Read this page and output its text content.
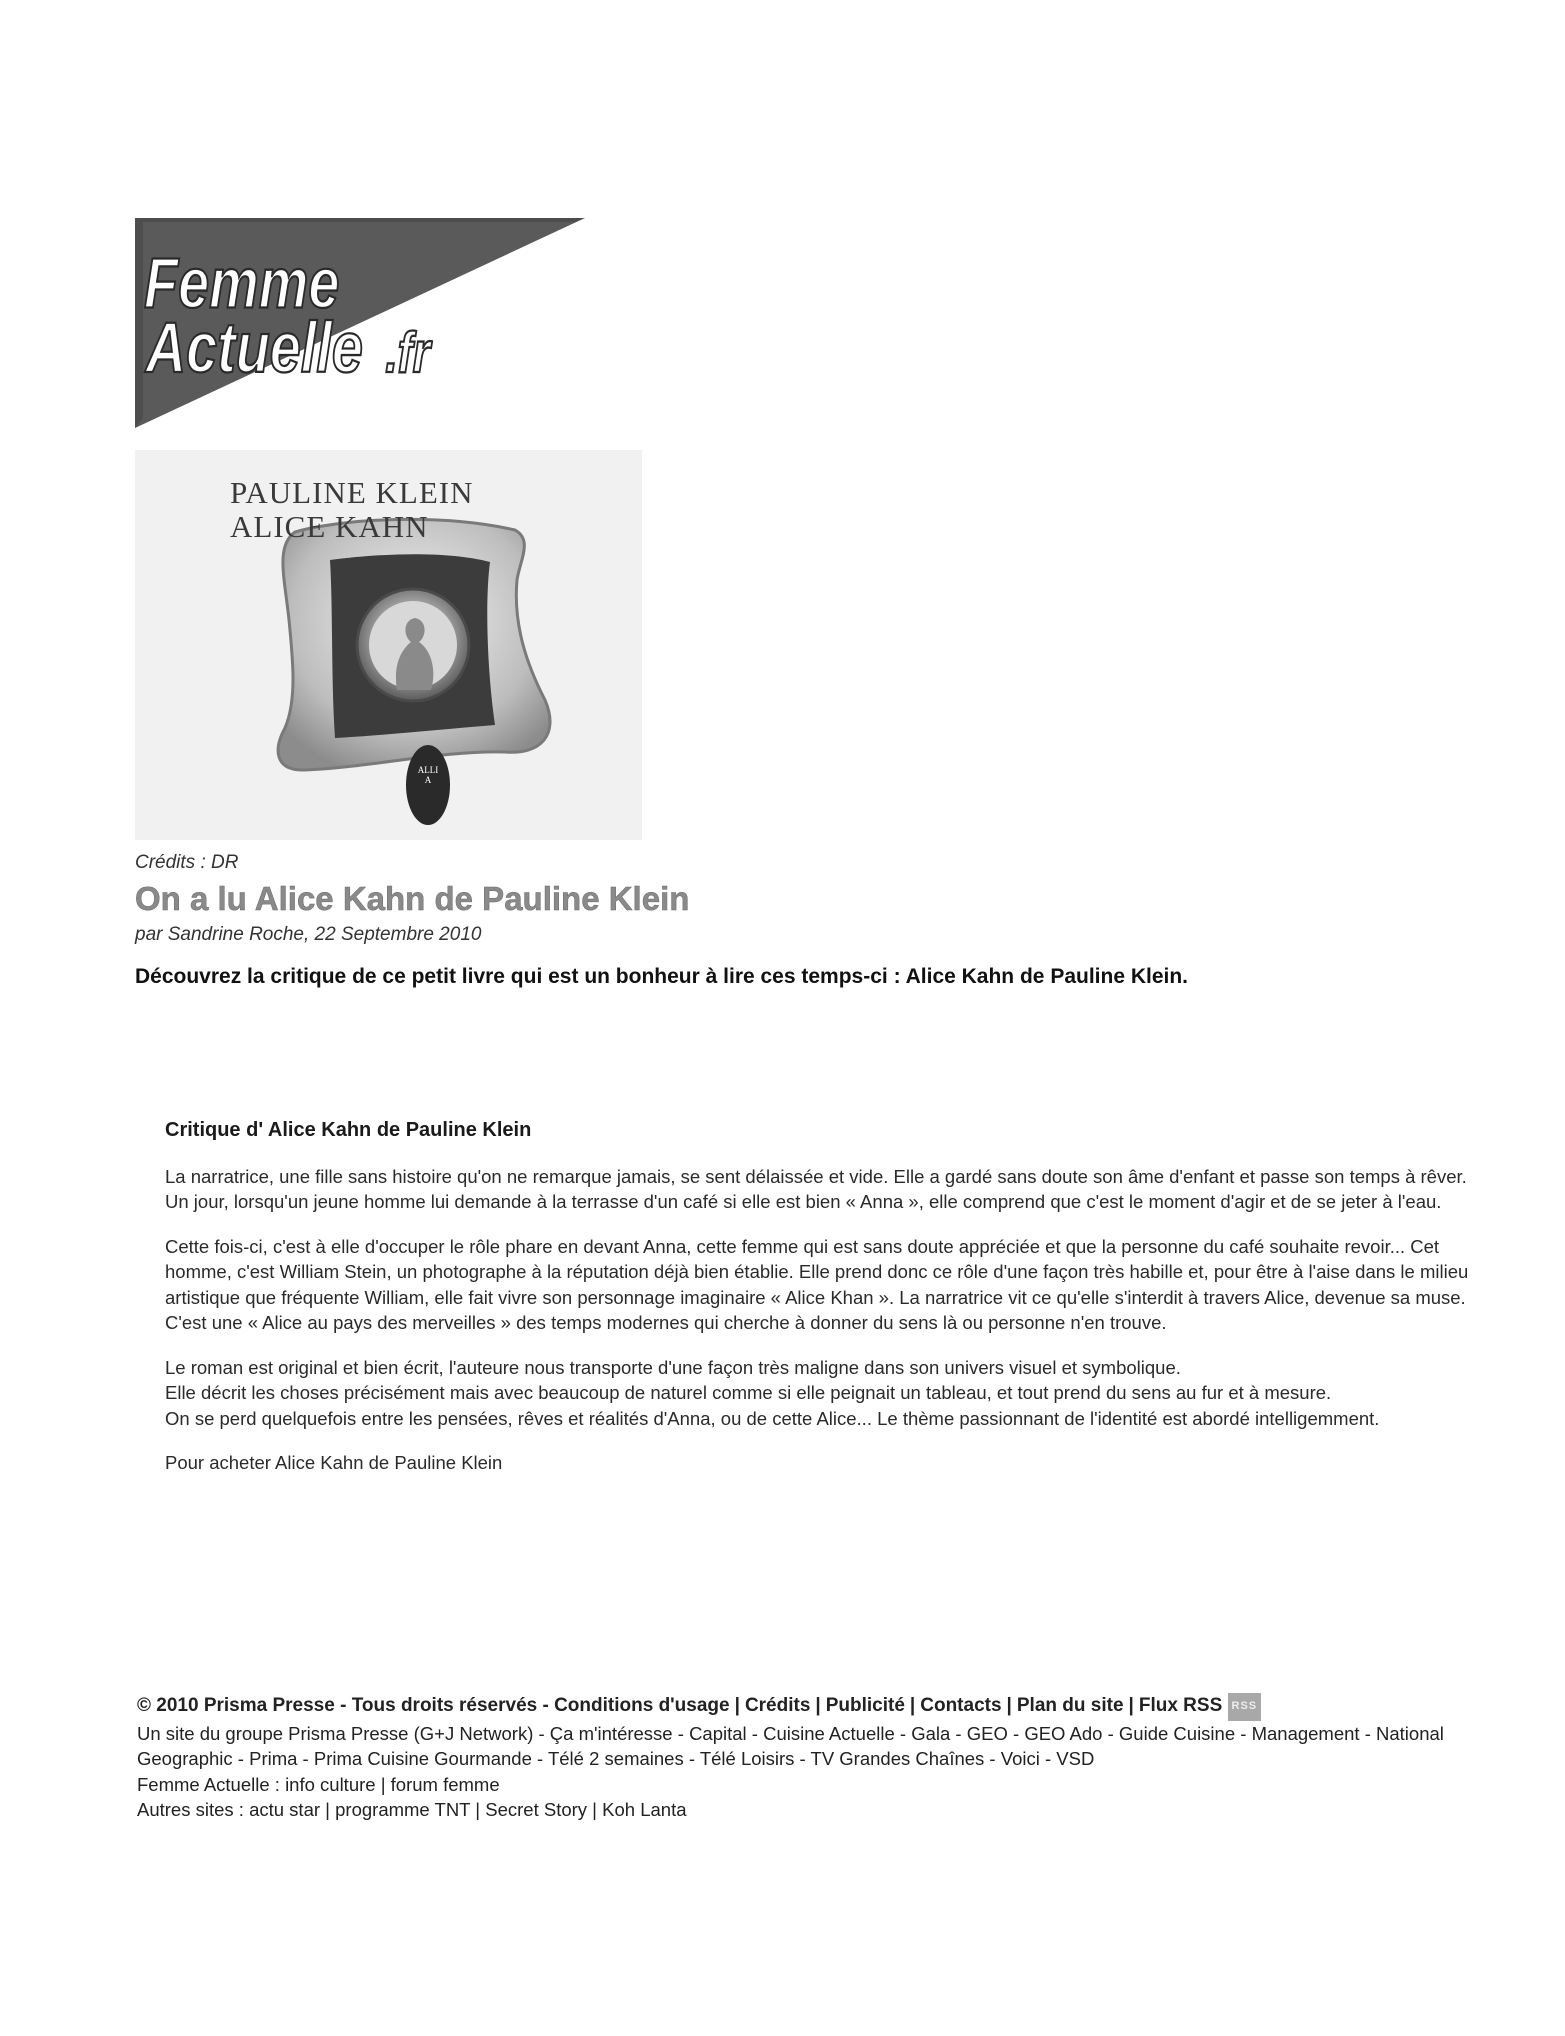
Femme
Actuelle .fr
PAULINE KLEIN
ALICE KAHN
ALLIA
Crédits : DR
On a lu Alice Kahn de Pauline Klein
par Sandrine Roche, 22 Septembre 2010
Découvrez la critique de ce petit livre qui est un bonheur à lire ces temps-ci : Alice Kahn de Pauline Klein.
Critique d' Alice Kahn de Pauline Klein

La narratrice, une fille sans histoire qu'on ne remarque jamais, se sent délaissée et vide. Elle a gardé sans doute son âme d'enfant et passe son temps à rêver. Un jour, lorsqu'un jeune homme lui demande à la terrasse d'un café si elle est bien « Anna », elle comprend que c'est le moment d'agir et de se jeter à l'eau.

Cette fois-ci, c'est à elle d'occuper le rôle phare en devant Anna, cette femme qui est sans doute appréciée et que la personne du café souhaite revoir... Cet homme, c'est William Stein, un photographe à la réputation déjà bien établie. Elle prend donc ce rôle d'une façon très habille et, pour être à l'aise dans le milieu artistique que fréquente William, elle fait vivre son personnage imaginaire « Alice Khan ». La narratrice vit ce qu'elle s'interdit à travers Alice, devenue sa muse. C'est une « Alice au pays des merveilles » des temps modernes qui cherche à donner du sens là ou personne n'en trouve.

Le roman est original et bien écrit, l'auteure nous transporte d'une façon très maligne dans son univers visuel et symbolique.
Elle décrit les choses précisément mais avec beaucoup de naturel comme si elle peignait un tableau, et tout prend du sens au fur et à mesure.
On se perd quelquefois entre les pensées, rêves et réalités d'Anna, ou de cette Alice... Le thème passionnant de l'identité est abordé intelligemment.

Pour acheter Alice Kahn de Pauline Klein

© 2010 Prisma Presse - Tous droits réservés - Conditions d'usage | Crédits | Publicité | Contacts | Plan du site | Flux RSS RSS
Un site du groupe Prisma Presse (G+J Network) - Ça m'intéresse - Capital - Cuisine Actuelle - Gala - GEO - GEO Ado - Guide Cuisine - Management - National Geographic - Prima - Prima Cuisine Gourmande - Télé 2 semaines - Télé Loisirs - TV Grandes Chaînes - Voici - VSD
Femme Actuelle : info culture | forum femme
Autres sites : actu star | programme TNT | Secret Story | Koh Lanta
